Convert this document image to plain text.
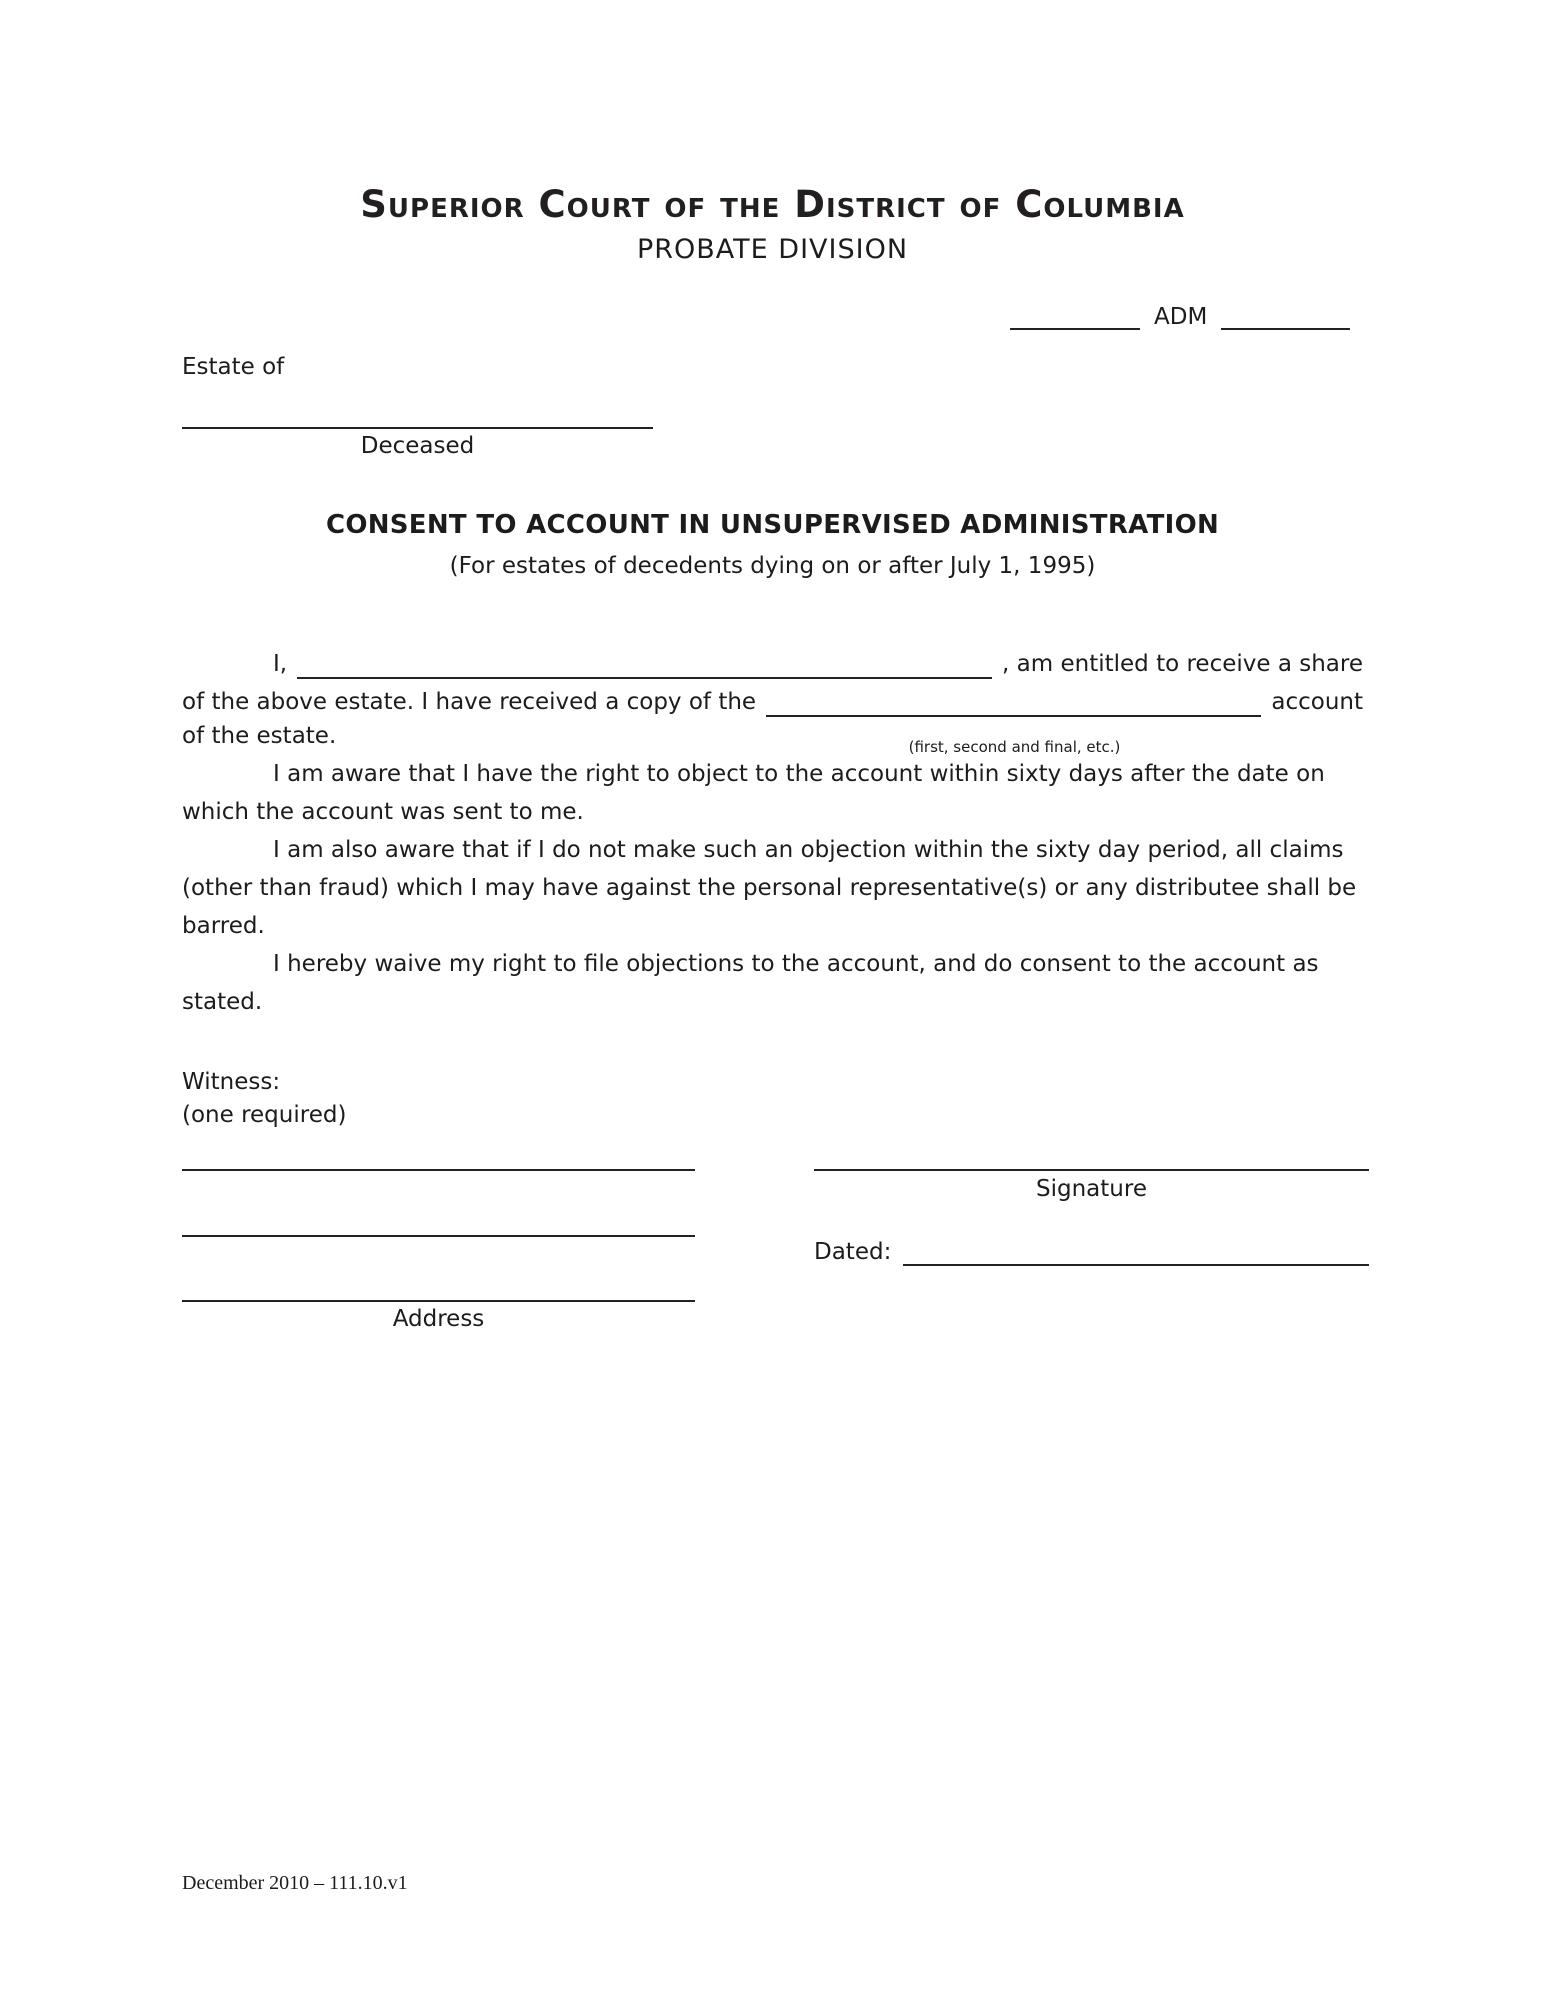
Superior Court of the District of Columbia
PROBATE DIVISION
ADM
Estate of
Deceased
CONSENT TO ACCOUNT IN UNSUPERVISED ADMINISTRATION
(For estates of decedents dying on or after July 1, 1995)
I,	, am entitled to receive a share
of the above estate. I have received a copy of the	account
of the estate.	(first, second and final, etc.)
I am aware that I have the right to object to the account within sixty days after the date on
which the account was sent to me.
I am also aware that if I do not make such an objection within the sixty day period, all claims
(other than fraud) which I may have against the personal representative(s) or any distributee shall be
barred.
I hereby waive my right to file objections to the account, and do consent to the account as
stated.
Witness:
(one required)
Address
Signature
Dated:
December 2010 – 111.10.v1
